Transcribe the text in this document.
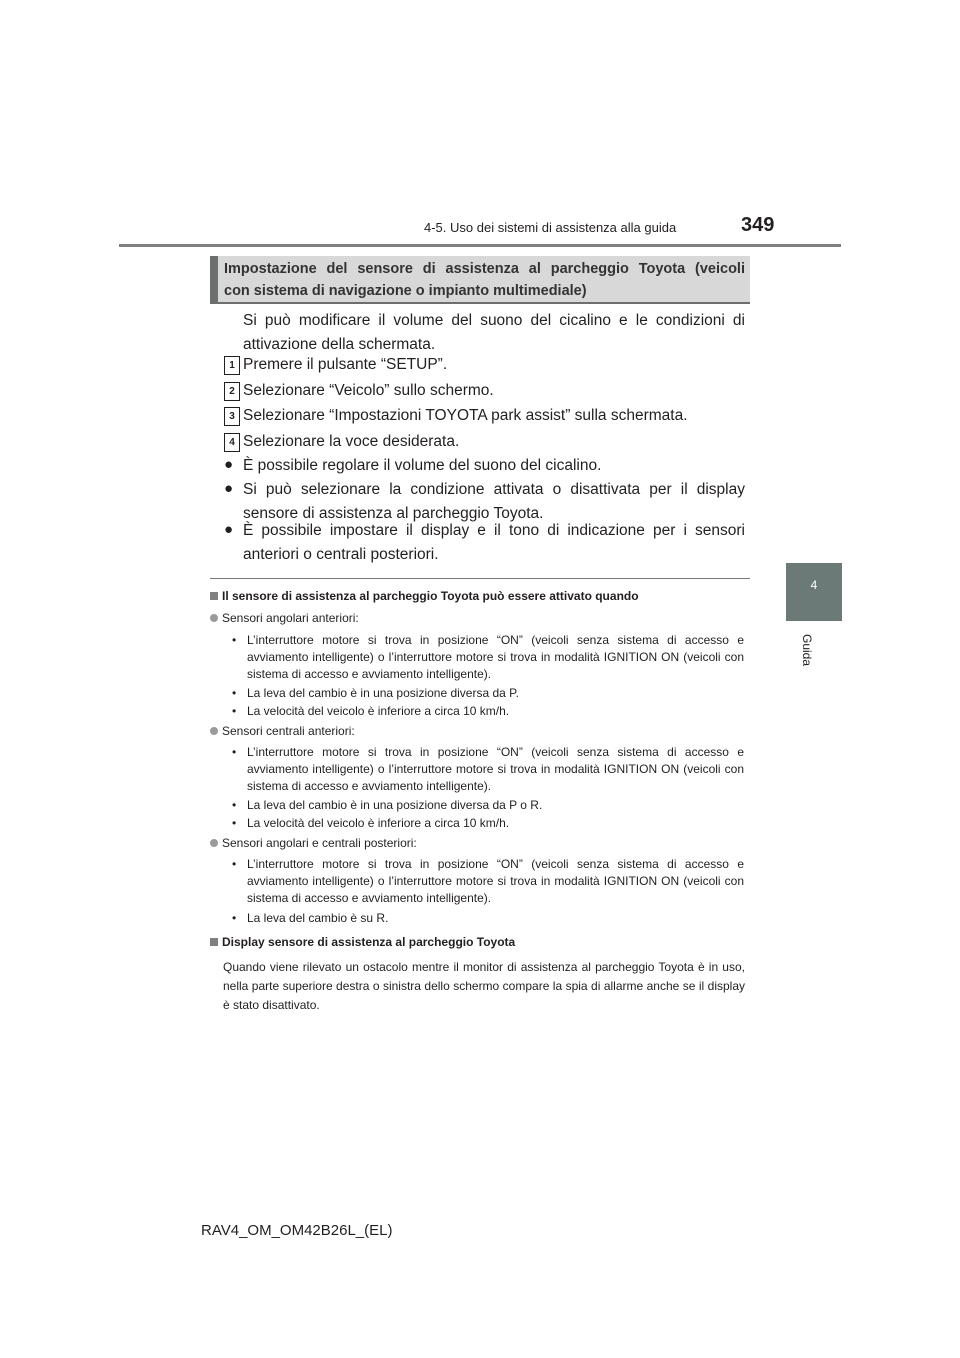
4-5. Uso dei sistemi di assistenza alla guida	349
4
Guida
Impostazione del sensore di assistenza al parcheggio Toyota (veicoli
con sistema di navigazione o impianto multimediale)
Si può modificare il volume del suono del cicalino e le condizioni di attivazione della schermata.
1 Premere il pulsante “SETUP”.
2 Selezionare “Veicolo” sullo schermo.
3 Selezionare “Impostazioni TOYOTA park assist” sulla schermata.
4 Selezionare la voce desiderata.
● È possibile regolare il volume del suono del cicalino.
● Si può selezionare la condizione attivata o disattivata per il display sensore di assistenza al parcheggio Toyota.
● È possibile impostare il display e il tono di indicazione per i sensori anteriori o centrali posteriori.
Il sensore di assistenza al parcheggio Toyota può essere attivato quando
Sensori angolari anteriori:
• L’interruttore motore si trova in posizione “ON” (veicoli senza sistema di accesso e avviamento intelligente) o l’interruttore motore si trova in modalità IGNITION ON (veicoli con sistema di accesso e avviamento intelligente).
• La leva del cambio è in una posizione diversa da P.
• La velocità del veicolo è inferiore a circa 10 km/h.
Sensori centrali anteriori:
• L’interruttore motore si trova in posizione “ON” (veicoli senza sistema di accesso e avviamento intelligente) o l’interruttore motore si trova in modalità IGNITION ON (veicoli con sistema di accesso e avviamento intelligente).
• La leva del cambio è in una posizione diversa da P o R.
• La velocità del veicolo è inferiore a circa 10 km/h.
Sensori angolari e centrali posteriori:
• L’interruttore motore si trova in posizione “ON” (veicoli senza sistema di accesso e avviamento intelligente) o l’interruttore motore si trova in modalità IGNITION ON (veicoli con sistema di accesso e avviamento intelligente).
• La leva del cambio è su R.
Display sensore di assistenza al parcheggio Toyota
Quando viene rilevato un ostacolo mentre il monitor di assistenza al parcheggio Toyota è in uso, nella parte superiore destra o sinistra dello schermo compare la spia di allarme anche se il display è stato disattivato.
RAV4_OM_OM42B26L_(EL)
